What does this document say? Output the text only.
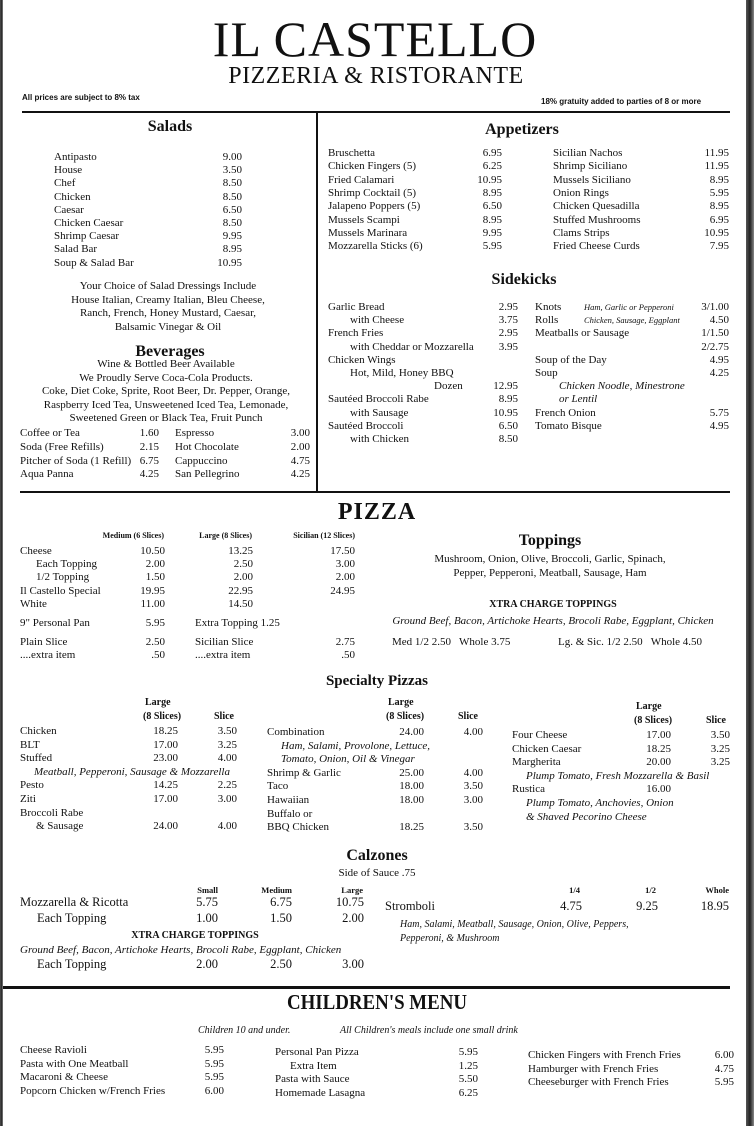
IL CASTELLO
PIZZERIA & RISTORANTE
All prices are subject to 8% tax	18% gratuity added to parties of 8 or more
Salads
Antipasto	9.00
House	3.50
Chef	8.50
Chicken	8.50
Caesar	6.50
Chicken Caesar	8.50
Shrimp Caesar	9.95
Salad Bar	8.95
Soup & Salad Bar	10.95
Your Choice of Salad Dressings Include
House Italian, Creamy Italian, Bleu Cheese,
Ranch, French, Honey Mustard, Caesar,
Balsamic Vinegar & Oil
Beverages
Wine & Bottled Beer Available
We Proudly Serve Coca-Cola Products.
Coke, Diet Coke, Sprite, Root Beer, Dr. Pepper, Orange,
Raspberry Iced Tea, Unsweetened Iced Tea, Lemonade,
Sweetened Green or Black Tea, Fruit Punch
Coffee or Tea	1.60 Espresso	3.00
Soda (Free Refills)	2.15 Hot Chocolate	2.00
Pitcher of Soda (1 Refill) 6.75 Cappuccino	4.75
Aqua Panna	4.25 San Pellegrino	4.25
Appetizers
Bruschetta	6.95	Sicilian Nachos	11.95
Chicken Fingers (5)	6.25	Shrimp Siciliano	11.95
Fried Calamari	10.95	Mussels Siciliano	8.95
Shrimp Cocktail (5)	8.95	Onion Rings	5.95
Jalapeno Poppers (5)	6.50	Chicken Quesadilla	8.95
Mussels Scampi	8.95	Stuffed Mushrooms	6.95
Mussels Marinara	9.95	Clams Strips	10.95
Mozzarella Sticks (6)	5.95	Fried Cheese Curds	7.95
Sidekicks
Garlic Bread	2.95
with Cheese	3.75
French Fries	2.95
with Cheddar or Mozzarella 3.95
Chicken Wings
Hot, Mild, Honey BBQ
Dozen	12.95
Sautéed Broccoli Rabe	8.95
with Sausage	10.95
Sautéed Broccoli	6.50
with Chicken	8.50
Knots	Ham, Garlic or Pepperoni 3/1.00
Rolls	Chicken, Sausage, Eggplant	4.50
Meatballs or Sausage	1/1.50
2/2.75
Soup of the Day	4.95
Soup	4.25
Chicken Noodle, Minestrone
or Lentil
French Onion	5.75
Tomato Bisque	4.95
PIZZA
Medium (6 Slices)	Large (8 Slices)	Sicilian (12 Slices)
Cheese	10.50	13.25	17.50
Each Topping	2.00	2.50	3.00
1/2 Topping	1.50	2.00	2.00
Il Castello Special	19.95	22.95	24.95
White	11.00	14.50
9" Personal Pan	5.95	Extra Topping 1.25
Plain Slice	2.50	Sicilian Slice	2.75
....extra item	.50	....extra item	.50
Toppings
Mushroom, Onion, Olive, Broccoli, Garlic, Spinach,
Pepper, Pepperoni, Meatball, Sausage, Ham
XTRA CHARGE TOPPINGS
Ground Beef, Bacon, Artichoke Hearts, Brocoli Rabe, Eggplant, Chicken
Med 1/2 2.50   Whole 3.75	Lg. & Sic. 1/2 2.50   Whole 4.50
Specialty Pizzas
Large
(8 Slices)	Slice
Chicken	18.25	3.50
BLT	17.00	3.25
Stuffed	23.00	4.00
Meatball, Pepperoni, Sausage & Mozzarella
Pesto	14.25	2.25
Ziti	17.00	3.00
Broccoli Rabe
& Sausage	24.00	4.00
Large
(8 Slices)	Slice
Combination	24.00	4.00
Ham, Salami, Provolone, Lettuce,
Tomato, Onion, Oil & Vinegar
Shrimp & Garlic	25.00	4.00
Taco	18.00	3.50
Hawaiian	18.00	3.00
Buffalo or
BBQ Chicken	18.25	3.50
Large
(8 Slices)	Slice
Four Cheese	17.00	3.50
Chicken Caesar	18.25	3.25
Margherita	20.00	3.25
Plump Tomato, Fresh Mozzarella & Basil
Rustica	16.00
Plump Tomato, Anchovies, Onion
& Shaved Pecorino Cheese
Calzones
Side of Sauce .75
Small	Medium	Large
Mozzarella & Ricotta	5.75	6.75	10.75
Each Topping	1.00	1.50	2.00
XTRA CHARGE TOPPINGS
Ground Beef, Bacon, Artichoke Hearts, Brocoli Rabe, Eggplant, Chicken
Each Topping	2.00	2.50	3.00
1/4	1/2	Whole
Stromboli	4.75	9.25	18.95
Ham, Salami, Meatball, Sausage, Onion, Olive, Peppers,
Pepperoni, & Mushroom
CHILDREN'S MENU
Children 10 and under.	All Children's meals include one small drink
Cheese Ravioli	5.95
Pasta with One Meatball	5.95
Macaroni & Cheese	5.95
Popcorn Chicken w/French Fries	6.00
Personal Pan Pizza	5.95
Extra Item	1.25
Pasta with Sauce	5.50
Homemade Lasagna	6.25
Chicken Fingers with French Fries	6.00
Hamburger with French Fries	4.75
Cheeseburger with French Fries	5.95
